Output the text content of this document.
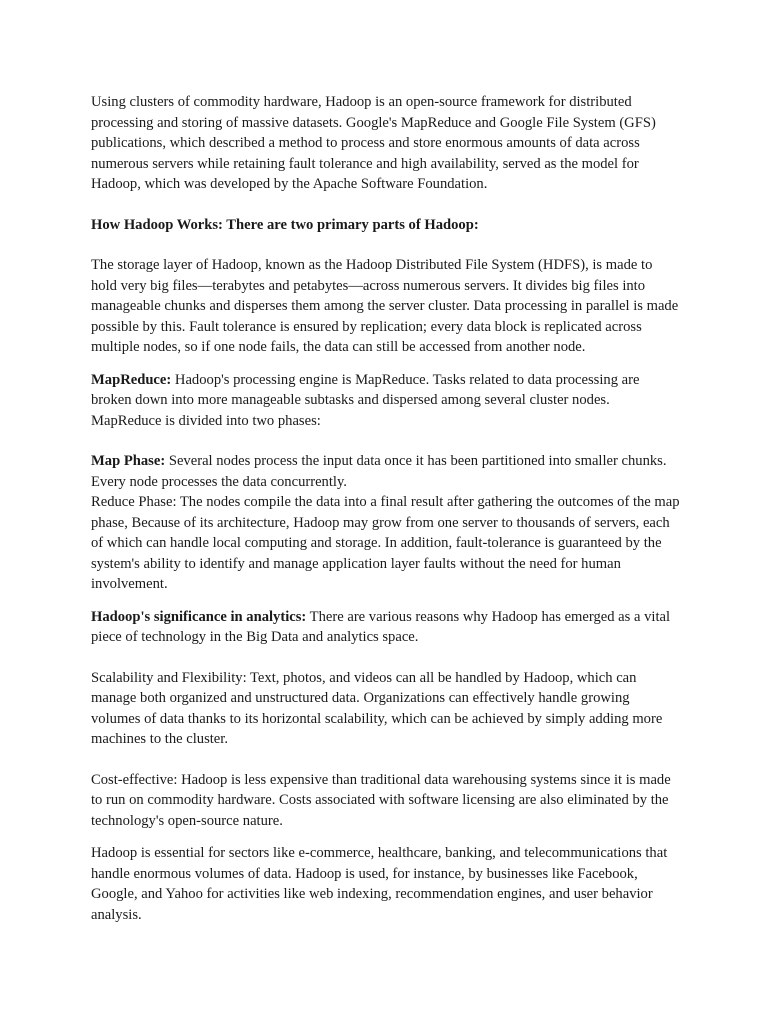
Using clusters of commodity hardware, Hadoop is an open-source framework for distributed processing and storing of massive datasets. Google's MapReduce and Google File System (GFS) publications, which described a method to process and store enormous amounts of data across numerous servers while retaining fault tolerance and high availability, served as the model for Hadoop, which was developed by the Apache Software Foundation.

How Hadoop Works: There are two primary parts of Hadoop:

The storage layer of Hadoop, known as the Hadoop Distributed File System (HDFS), is made to hold very big files—terabytes and petabytes—across numerous servers. It divides big files into manageable chunks and disperses them among the server cluster. Data processing in parallel is made possible by this. Fault tolerance is ensured by replication; every data block is replicated across multiple nodes, so if one node fails, the data can still be accessed from another node.

MapReduce: Hadoop's processing engine is MapReduce. Tasks related to data processing are broken down into more manageable subtasks and dispersed among several cluster nodes. MapReduce is divided into two phases:

Map Phase: Several nodes process the input data once it has been partitioned into smaller chunks. Every node processes the data concurrently.

Reduce Phase: The nodes compile the data into a final result after gathering the outcomes of the map phase, Because of its architecture, Hadoop may grow from one server to thousands of servers, each of which can handle local computing and storage. In addition, fault-tolerance is guaranteed by the system's ability to identify and manage application layer faults without the need for human involvement.

Hadoop's significance in analytics: There are various reasons why Hadoop has emerged as a vital piece of technology in the Big Data and analytics space.

Scalability and Flexibility: Text, photos, and videos can all be handled by Hadoop, which can manage both organized and unstructured data. Organizations can effectively handle growing volumes of data thanks to its horizontal scalability, which can be achieved by simply adding more machines to the cluster.

Cost-effective: Hadoop is less expensive than traditional data warehousing systems since it is made to run on commodity hardware. Costs associated with software licensing are also eliminated by the technology's open-source nature.

Hadoop is essential for sectors like e-commerce, healthcare, banking, and telecommunications that handle enormous volumes of data. Hadoop is used, for instance, by businesses like Facebook, Google, and Yahoo for activities like web indexing, recommendation engines, and user behavior analysis.
